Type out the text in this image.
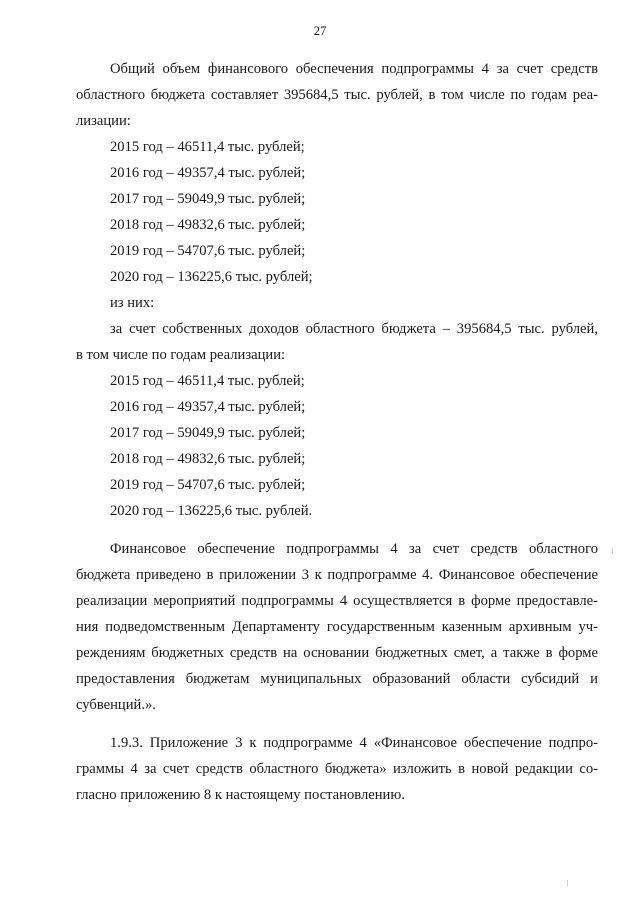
27
Общий объем финансового обеспечения подпрограммы 4 за счет средств
областного бюджета составляет 395684,5 тыс. рублей, в том числе по годам реа-
лизации:
2015 год – 46511,4 тыс. рублей;
2016 год – 49357,4 тыс. рублей;
2017 год – 59049,9 тыс. рублей;
2018 год – 49832,6 тыс. рублей;
2019 год – 54707,6 тыс. рублей;
2020 год – 136225,6 тыс. рублей;
из них:
за счет собственных доходов областного бюджета – 395684,5 тыс. рублей,
в том числе по годам реализации:
2015 год – 46511,4 тыс. рублей;
2016 год – 49357,4 тыс. рублей;
2017 год – 59049,9 тыс. рублей;
2018 год – 49832,6 тыс. рублей;
2019 год – 54707,6 тыс. рублей;
2020 год – 136225,6 тыс. рублей.
Финансовое обеспечение подпрограммы 4 за счет средств областного
бюджета приведено в приложении 3 к подпрограмме 4. Финансовое обеспечение
реализации мероприятий подпрограммы 4 осуществляется в форме предоставле-
ния подведомственным Департаменту государственным казенным архивным уч-
реждениям бюджетных средств на основании бюджетных смет, а также в форме
предоставления бюджетам муниципальных образований области субсидий и
субвенций.».
1.9.3. Приложение 3 к подпрограмме 4 «Финансовое обеспечение подпро-
граммы 4 за счет средств областного бюджета» изложить в новой редакции со-
гласно приложению 8 к настоящему постановлению.
